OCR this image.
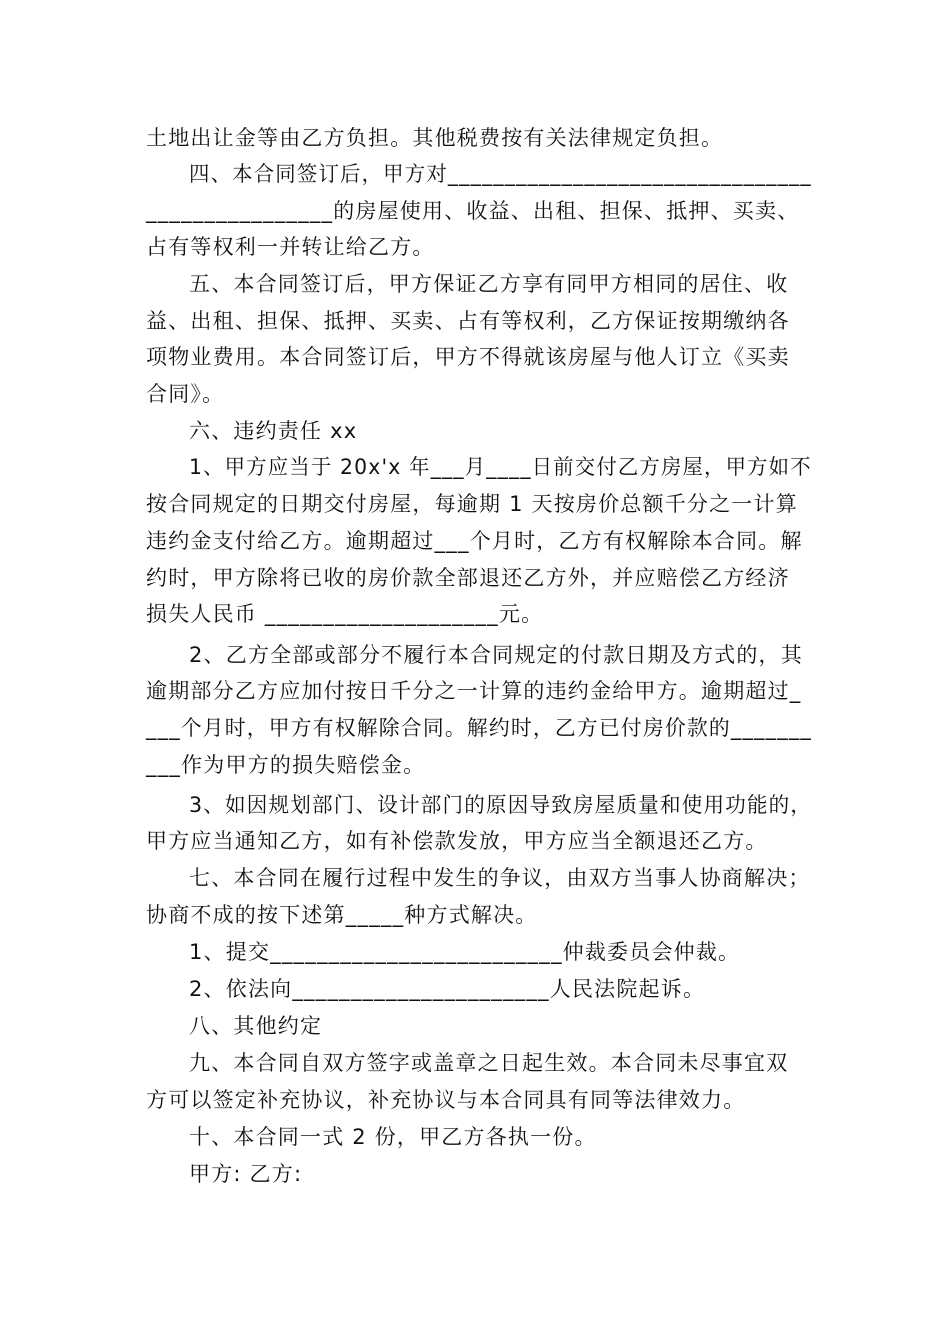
土地出让金等由乙方负担。其他税费按有关法律规定负担。
四、本合同签订后，甲方对________________________________
________________的房屋使用、收益、出租、担保、抵押、买卖、
占有等权利一并转让给乙方。
五、本合同签订后，甲方保证乙方享有同甲方相同的居住、收
益、出租、担保、抵押、买卖、占有等权利，乙方保证按期缴纳各
项物业费用。本合同签订后，甲方不得就该房屋与他人订立《买卖
合同》。
六、违约责任 xx
1、甲方应当于 20x'x 年___月____日前交付乙方房屋，甲方如不
按合同规定的日期交付房屋，每逾期 1 天按房价总额千分之一计算
违约金支付给乙方。逾期超过___个月时，乙方有权解除本合同。解
约时，甲方除将已收的房价款全部退还乙方外，并应赔偿乙方经济
损失人民币 ____________________元。
2、乙方全部或部分不履行本合同规定的付款日期及方式的，其
逾期部分乙方应加付按日千分之一计算的违约金给甲方。逾期超过_
___个月时，甲方有权解除合同。解约时，乙方已付房价款的_______
___作为甲方的损失赔偿金。
3、如因规划部门、设计部门的原因导致房屋质量和使用功能的，
甲方应当通知乙方，如有补偿款发放，甲方应当全额退还乙方。
七、本合同在履行过程中发生的争议，由双方当事人协商解决；
协商不成的按下述第_____种方式解决。
1、提交_________________________仲裁委员会仲裁。
2、依法向______________________人民法院起诉。
八、其他约定
九、本合同自双方签字或盖章之日起生效。本合同未尽事宜双
方可以签定补充协议，补充协议与本合同具有同等法律效力。
十、本合同一式 2 份，甲乙方各执一份。
甲方: 乙方:
